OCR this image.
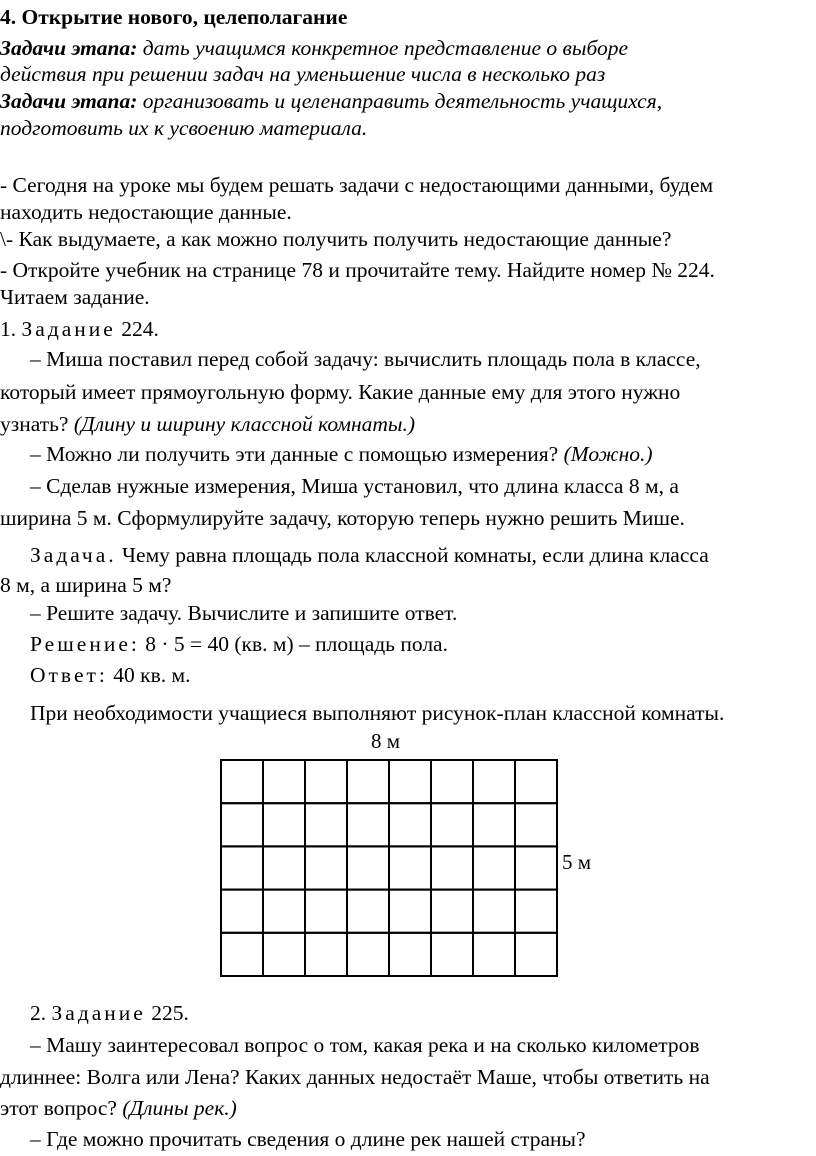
4. Открытие нового, целеполагание
Задачи этапа: дать учащимся конкретное представление о выборе
действия при решении задач на уменьшение числа в несколько раз
Задачи этапа: организовать и целенаправить деятельность учащихся,
подготовить их к усвоению материала.
- Сегодня на уроке мы будем решать задачи с недостающими данными, будем
находить недостающие данные.
\- Как выдумаете, а как можно получить получить недостающие данные?
- Откройте учебник на странице 78 и прочитайте тему. Найдите номер № 224.
Читаем задание.
1. Задание 224.
– Миша поставил перед собой задачу: вычислить площадь пола в классе,
который имеет прямоугольную форму. Какие данные ему для этого нужно
узнать? (Длину и ширину классной комнаты.)
– Можно ли получить эти данные с помощью измерения? (Можно.)
– Сделав нужные измерения, Миша установил, что длина класса 8 м, а
ширина 5 м. Сформулируйте задачу, которую теперь нужно решить Мише.
Задача. Чему равна площадь пола классной комнаты, если длина класса
8 м, а ширина 5 м?
– Решите задачу. Вычислите и запишите ответ.
Решение: 8 · 5 = 40 (кв. м) – площадь пола.
Ответ: 40 кв. м.
При необходимости учащиеся выполняют рисунок-план классной комнаты.
8 м
5 м
2. Задание 225.
– Машу заинтересовал вопрос о том, какая река и на сколько километров
длиннее: Волга или Лена? Каких данных недостаёт Маше, чтобы ответить на
этот вопрос? (Длины рек.)
– Где можно прочитать сведения о длине рек нашей страны?
